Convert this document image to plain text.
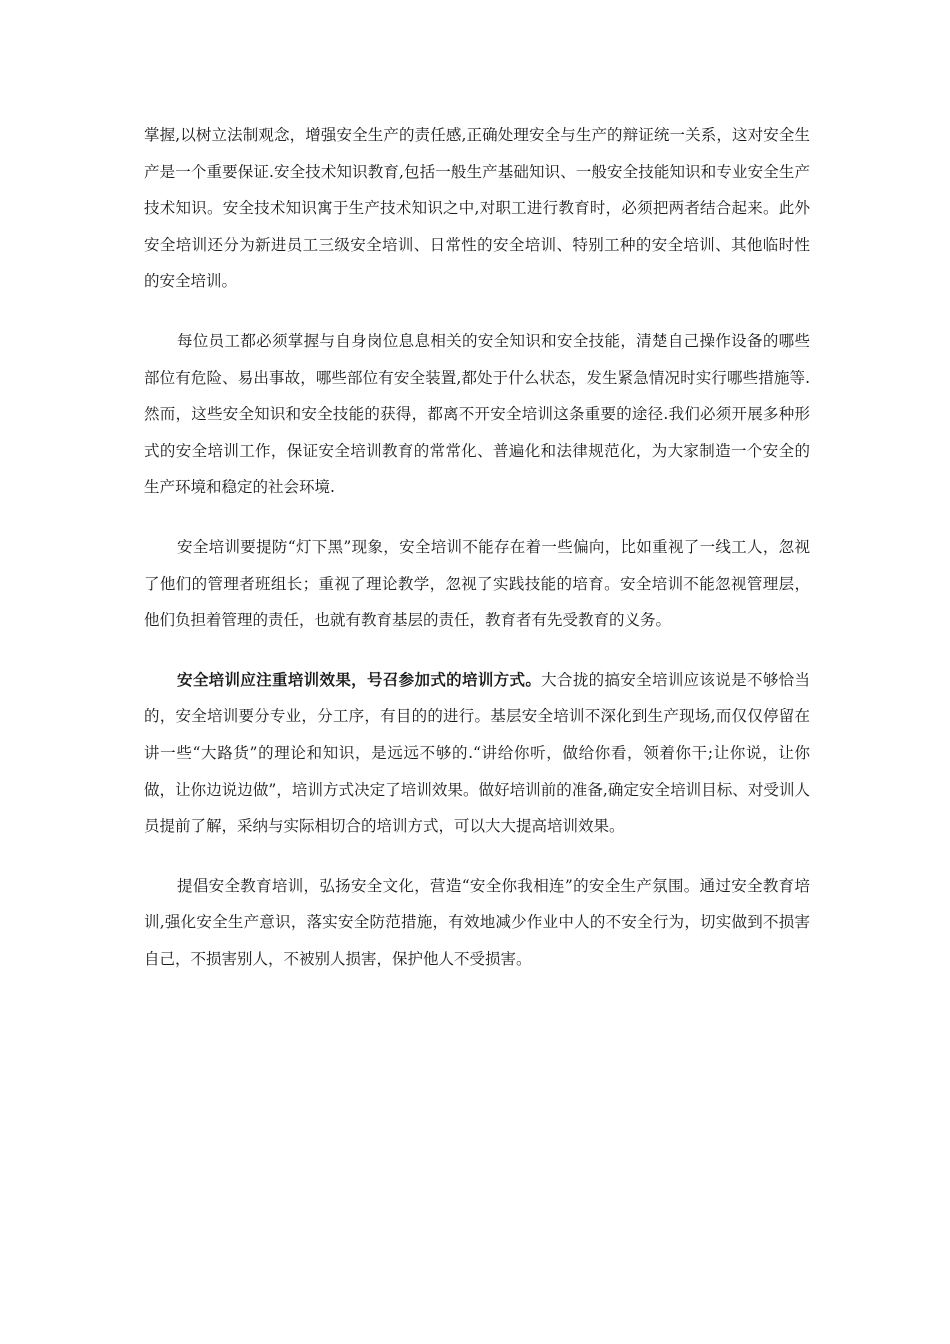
掌握,以树立法制观念，增强安全生产的责任感,正确处理安全与生产的辩证统一关系，这对安全生产是一个重要保证.安全技术知识教育,包括一般生产基础知识、一般安全技能知识和专业安全生产技术知识。安全技术知识寓于生产技术知识之中,对职工进行教育时，必须把两者结合起来。此外安全培训还分为新进员工三级安全培训、日常性的安全培训、特别工种的安全培训、其他临时性的安全培训。

每位员工都必须掌握与自身岗位息息相关的安全知识和安全技能，清楚自己操作设备的哪些部位有危险、易出事故，哪些部位有安全装置,都处于什么状态，发生紧急情况时实行哪些措施等.然而，这些安全知识和安全技能的获得，都离不开安全培训这条重要的途径.我们必须开展多种形式的安全培训工作，保证安全培训教育的常常化、普遍化和法律规范化，为大家制造一个安全的生产环境和稳定的社会环境.

安全培训要提防“灯下黑”现象，安全培训不能存在着一些偏向，比如重视了一线工人，忽视了他们的管理者班组长；重视了理论教学，忽视了实践技能的培育。安全培训不能忽视管理层，他们负担着管理的责任，也就有教育基层的责任，教育者有先受教育的义务。

安全培训应注重培训效果，号召参加式的培训方式。大合拢的搞安全培训应该说是不够恰当的，安全培训要分专业，分工序，有目的的进行。基层安全培训不深化到生产现场,而仅仅停留在讲一些“大路货”的理论和知识，是远远不够的.“讲给你听，做给你看，领着你干;让你说，让你做，让你边说边做”，培训方式决定了培训效果。做好培训前的准备,确定安全培训目标、对受训人员提前了解，采纳与实际相切合的培训方式，可以大大提高培训效果。

提倡安全教育培训，弘扬安全文化，营造“安全你我相连”的安全生产氛围。通过安全教育培训,强化安全生产意识，落实安全防范措施，有效地减少作业中人的不安全行为，切实做到不损害自己，不损害别人，不被别人损害，保护他人不受损害。
